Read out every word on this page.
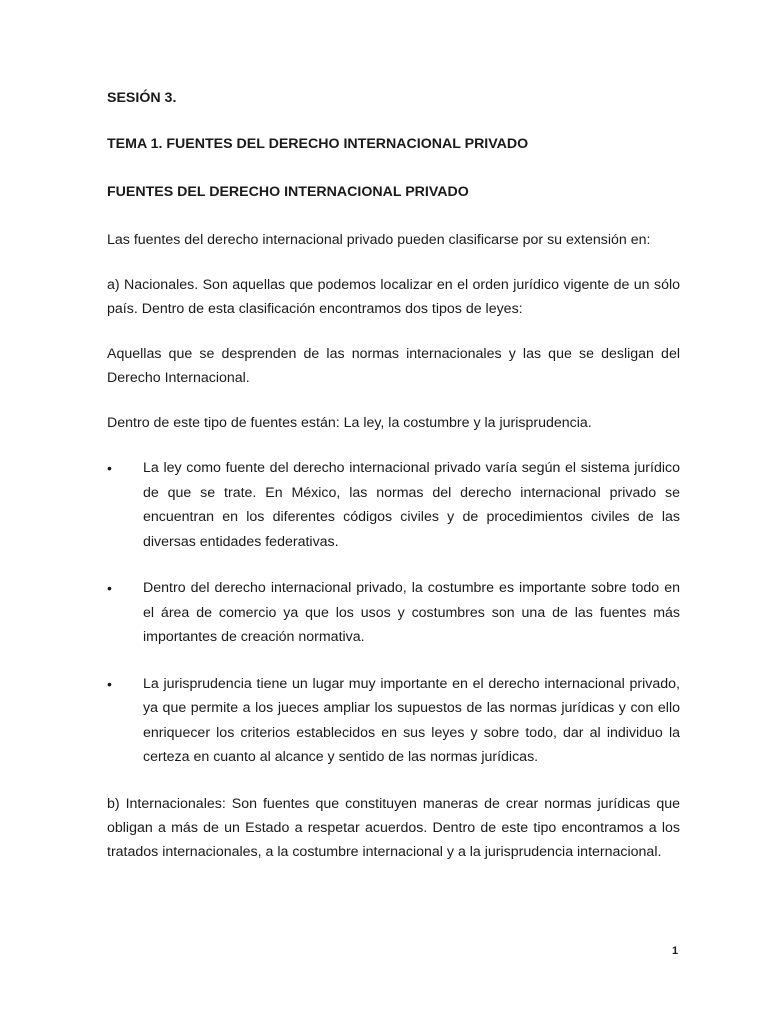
SESIÓN 3.

TEMA 1. FUENTES DEL DERECHO INTERNACIONAL PRIVADO

FUENTES DEL DERECHO INTERNACIONAL PRIVADO

Las fuentes del derecho internacional privado pueden clasificarse por su extensión en:

a) Nacionales. Son aquellas que podemos localizar en el orden jurídico vigente de un sólo país. Dentro de esta clasificación encontramos dos tipos de leyes:

Aquellas que se desprenden de las normas internacionales y las que se desligan del Derecho Internacional.

Dentro de este tipo de fuentes están: La ley, la costumbre y la jurisprudencia.

•	La ley como fuente del derecho internacional privado varía según el sistema jurídico de que se trate. En México, las normas del derecho internacional privado se encuentran en los diferentes códigos civiles y de procedimientos civiles de las diversas entidades federativas.
•	Dentro del derecho internacional privado, la costumbre es importante sobre todo en el área de comercio ya que los usos y costumbres son una de las fuentes más importantes de creación normativa.
•	La jurisprudencia tiene un lugar muy importante en el derecho internacional privado, ya que permite a los jueces ampliar los supuestos de las normas jurídicas y con ello enriquecer los criterios establecidos en sus leyes y sobre todo, dar al individuo la certeza en cuanto al alcance y sentido de las normas jurídicas.

b) Internacionales: Son fuentes que constituyen maneras de crear normas jurídicas que obligan a más de un Estado a respetar acuerdos. Dentro de este tipo encontramos a los tratados internacionales, a la costumbre internacional y a la jurisprudencia internacional.

1
